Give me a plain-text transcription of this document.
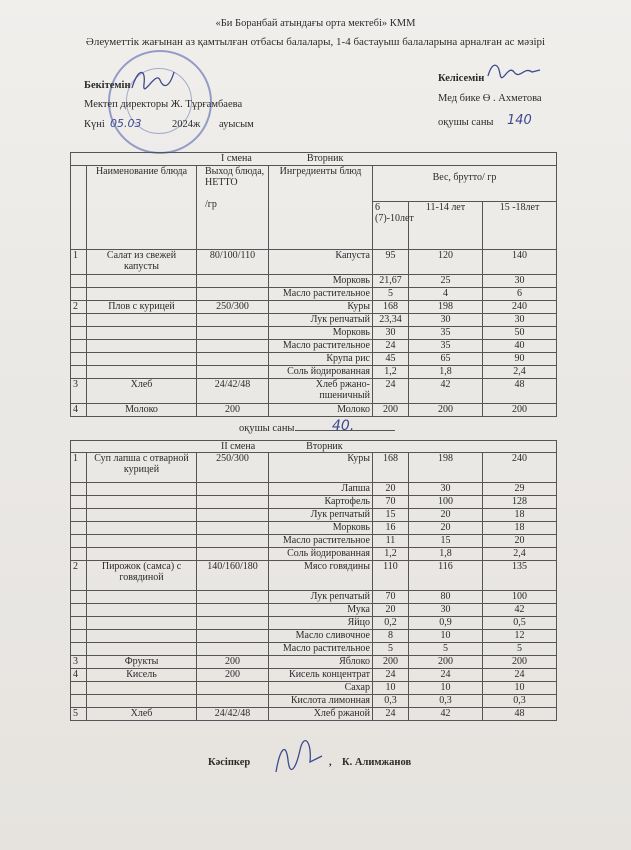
«Би Боранбай атындағы орта мектебі» КММ
Әлеуметтік жағынан аз қамтылған отбасы балалары, 1-4 бастауыш балаларына арналған ас мәзірі
Бекітемін
Мектеп директоры Ж. Тұрғамбаева
Күні 05.03	2024ж ауысым
Келісемін
Мед бике Ө . Ахметова
оқушы саны 140
I смена Вторник						
	Наименование блюда	Выход блюда, НЕТТО

/гр	Ингредиенты блюд	Вес, брутто/ гр		
				6 (7)-10лет	11-14 лет	15 -18лет
1	Салат из свежей капусты	80/100/110	Капуста	95	120	140
			Морковь	21,67	25	30
			Масло растительное	5	4	6
2	Плов с курицей	250/300	Куры	168	198	240
			Лук репчатый	23,34	30	30
			Морковь	30	35	50
			Масло растительное	24	35	40
			Крупа рис	45	65	90
			Соль йодированная	1,2	1,8	2,4
3	Хлеб	24/42/48	Хлеб ржано-пшеничный	24	42	48
4	Молоко	200	Молоко	200	200	200
оқушы саны	40.
II смена Вторник						
1	Суп лапша с отварной курицей	250/300	Куры	168	198	240
			Лапша	20	30	29
			Картофель	70	100	128
			Лук репчатый	15	20	18
			Морковь	16	20	18
			Масло растительное	11	15	20
			Соль йодированная	1,2	1,8	2,4
2	Пирожок (самса) с говядиной	140/160/180	Мясо говядины	110	116	135
			Лук репчатый	70	80	100
			Мука	20	30	42
			Яйцо	0,2	0,9	0,5
			Масло сливочное	8	10	12
			Масло растительное	5	5	5
3	Фрукты	200	Яблоко	200	200	200
4	Кисель	200	Кисель концентрат	24	24	24
			Сахар	10	10	10
			Кислота лимонная	0,3	0,3	0,3
5	Хлеб	24/42/48	Хлеб ржаной	24	42	48
Кәсіпкер	, К. Алимжанов
